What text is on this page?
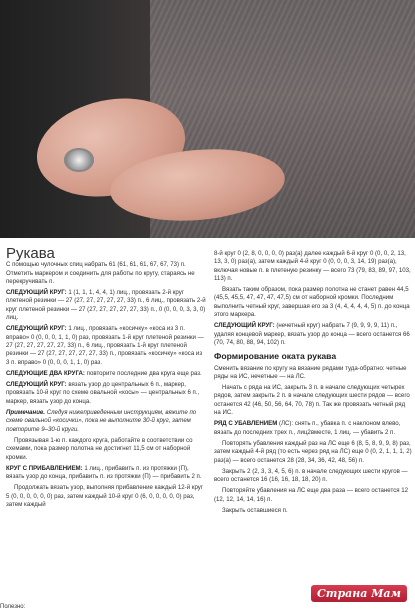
Рукава

С помощью чулочных спиц набрать 61 (61, 61, 61, 67, 67, 73) п. Отметить маркером и соединить для работы по кругу, стараясь не перекручивать п.

СЛЕДУЮЩИЙ КРУГ: 1 (1, 1, 1, 4, 4, 1) лиц., провязать 2-й круг плетеной резинки — 27 (27, 27, 27, 27, 27, 33) п., 6 лиц., провязать 2-й круг плетеной резинки — 27 (27, 27, 27, 27, 27, 33) п., 0 (0, 0, 0, 3, 3, 0) лиц.

СЛЕДУЮЩИЙ КРУГ: 1 лиц., провязать «косичку» «коса из 3 п. вправо» 0 (0, 0, 0, 1, 1, 0) раз, провязать 1-й круг плетеной резинки — 27 (27, 27, 27, 27, 27, 33) п., 6 лиц., провязать 1-й круг плетеной резинки — 27 (27, 27, 27, 27, 27, 33) п., провязать «косичку» «коса из 3 п. вправо» 0 (0, 0, 0, 1, 1, 0) раз.

СЛЕДУЮЩИЕ ДВА КРУГА: повторите последние два круга еще раз.

СЛЕДУЮЩИЙ КРУГ: вязать узор до центральных 6 п., маркер, провязать 10-й круг по схеме овальной «косы» — центральных 6 п., маркер, вязать узор до конца.

Примечание. Следуя нижеприведенным инструкциям, вяжите по схеме овальной «косички», пока не выполните 30-й круг, затем повторите 9–30-й круги.

Провязывая 1-ю п. каждого круга, работайте в соответствии со схемами, пока размер полотна не достигнет 11,5 см от наборной кромки.

КРУГ С ПРИБАВЛЕНИЕМ: 1 лиц., прибавить п. из протяжки (П), вязать узор до конца, прибавить п. из протяжки (П) — прибавить 2 п.

Продолжать вязать узор, выполняя прибавление каждый 12-й круг 5 (0, 0, 0, 0, 0, 0) раз, затем каждый 10-й круг 0 (6, 0, 0, 0, 0, 0) раз, затем каждый

8-й круг 0 (2, 8, 0, 0, 0, 0) раз(а) далее каждый 6-й круг 0 (0, 0, 2, 13, 13, 3, 0) раз(а), затем каждый 4-й круг 0 (0, 0, 0, 3, 14, 19) раз(а), включая новые п. в плетеную резинку — всего 73 (79, 83, 89, 97, 103, 113) п.

Вязать таким образом, пока размер полотна не станет равен 44,5 (45,5, 45,5, 47, 47, 47, 47,5) см от наборной кромки. Последним выполнить четный круг, завершая его за 3 (4, 4, 4, 4, 4, 5) п. до конца этого маркера.

СЛЕДУЮЩИЙ КРУГ: (нечетный круг) набрать 7 (9, 9, 9, 9, 11) п., удаляя концевой маркер, вязать узор до конца — всего останется 66 (70, 74, 80, 88, 94, 102) п.

Формирование оката рукава

Сменить вязание по кругу на вязание рядами туда-обратно: четные ряды на ИС, нечетные — на ЛС.

Начать с ряда на ИС, закрыть 3 п. в начале следующих четырех рядов, затем закрыть 2 п. в начале следующих шести рядов — всего останется 42 (46, 50, 56, 64, 70, 78) п. Так же провязать четный ряд на ИС.

РЯД С УБАВЛЕНИЕМ (ЛС): снять п., убавка п. с наклоном влево, вязать до последних трех п., лиц2вместе, 1 лиц. — убавить 2 п.

Повторять убавления каждый раз на ЛС еще 6 (8, 5, 8, 9, 9, 8) раз, затем каждый 4-й ряд (то есть через ряд на ЛС) еще 0 (0, 2, 1, 1, 1, 2) раз(а) — всего останется 28 (28, 34, 36, 42, 48, 56) п.

Закрыть 2 (2, 3, 3, 4, 5, 6) п. в начале следующих шести кругов — всего останется 16 (16, 16, 18, 18, 20) п.

Повторяйте убавления на ЛС еще два раза — всего останется 12 (12, 12, 14, 14, 16) п.

Закрыть оставшиеся п.

Страна Мам
Полезно:
